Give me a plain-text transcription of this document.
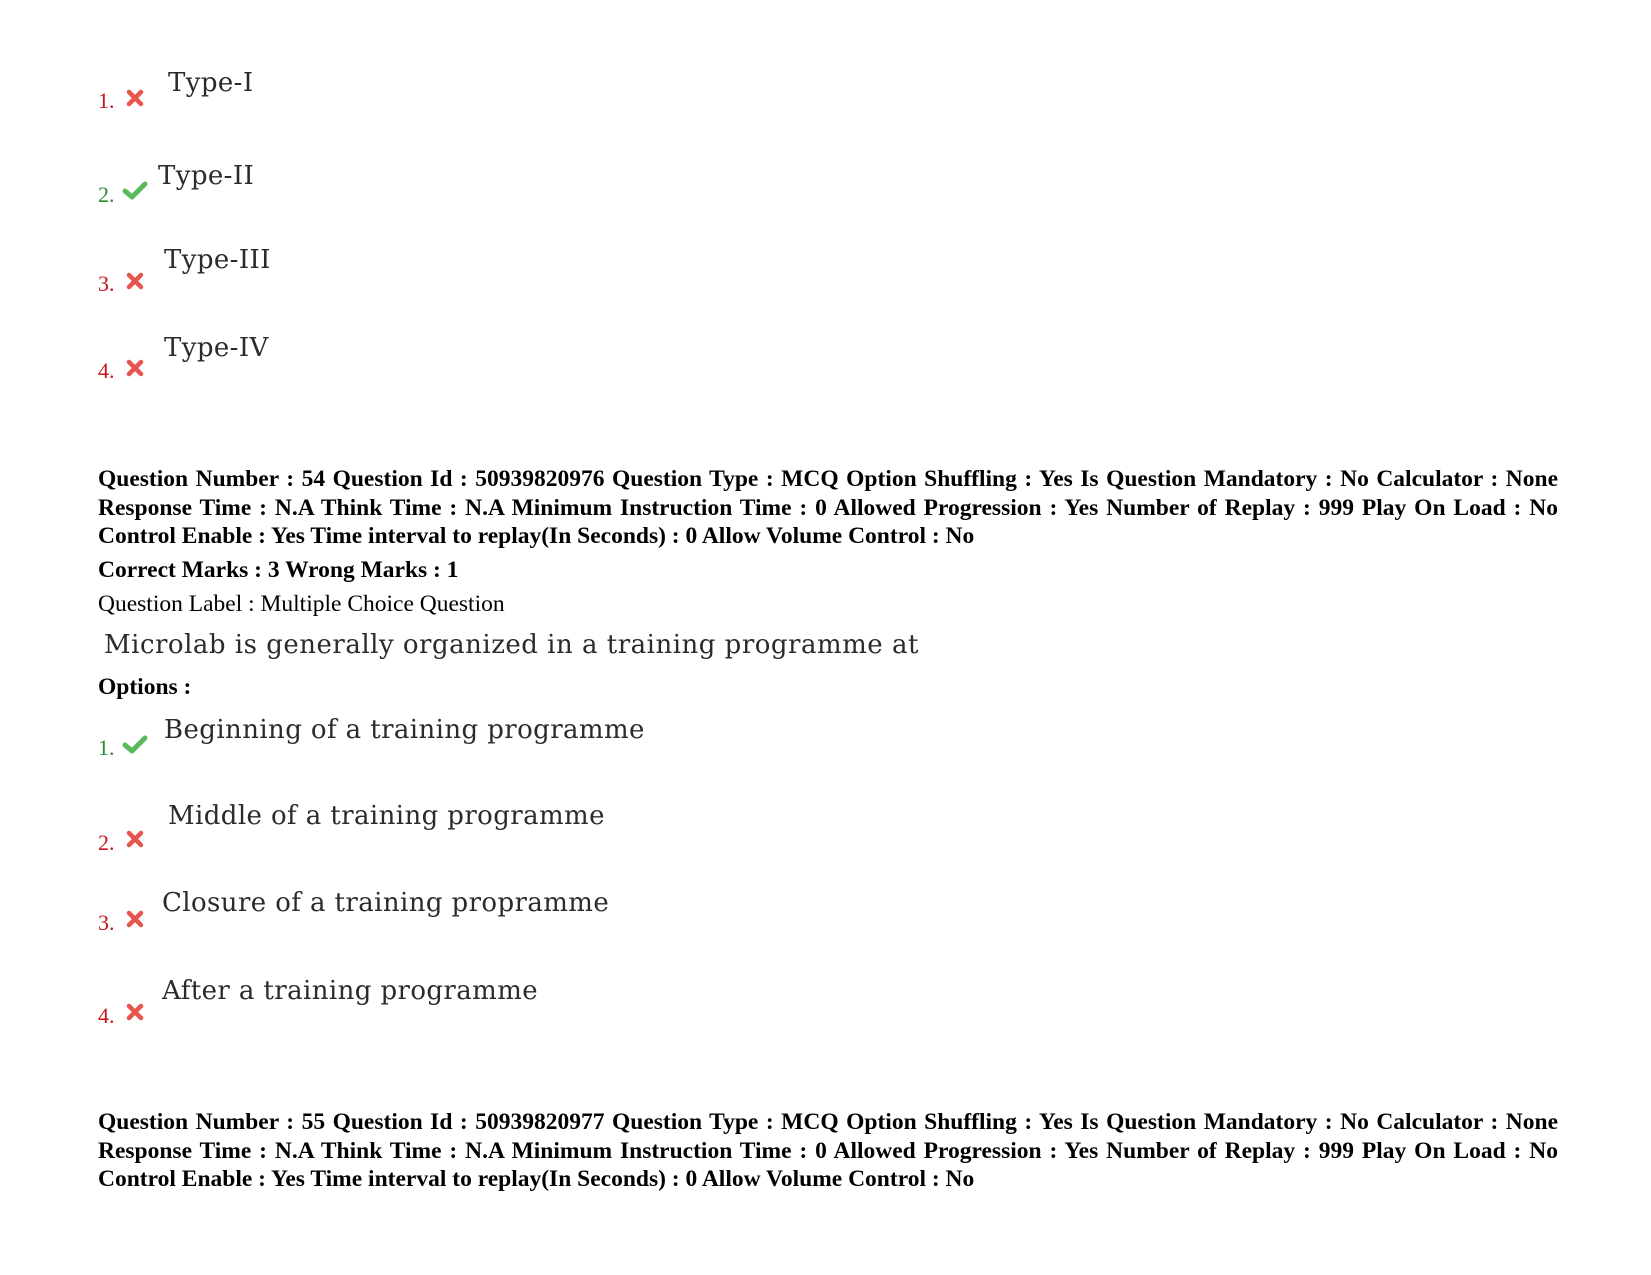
1.
Type-I
2.
Type-II
3.
Type-III
4.
Type-IV
Question Number : 54 Question Id : 50939820976 Question Type : MCQ Option Shuffling : Yes Is Question Mandatory : No Calculator : None Response Time : N.A Think Time : N.A Minimum Instruction Time : 0 Allowed Progression : Yes Number of Replay : 999 Play On Load : No Control Enable : Yes Time interval to replay(In Seconds) : 0 Allow Volume Control : No
Correct Marks : 3 Wrong Marks : 1
Question Label : Multiple Choice Question
Microlab is generally organized in a training programme at
Options :
1.
Beginning of a training programme
2.
Middle of a training programme
3.
Closure of a training propramme
4.
After a training programme
Question Number : 55 Question Id : 50939820977 Question Type : MCQ Option Shuffling : Yes Is Question Mandatory : No Calculator : None Response Time : N.A Think Time : N.A Minimum Instruction Time : 0 Allowed Progression : Yes Number of Replay : 999 Play On Load : No Control Enable : Yes Time interval to replay(In Seconds) : 0 Allow Volume Control : No
